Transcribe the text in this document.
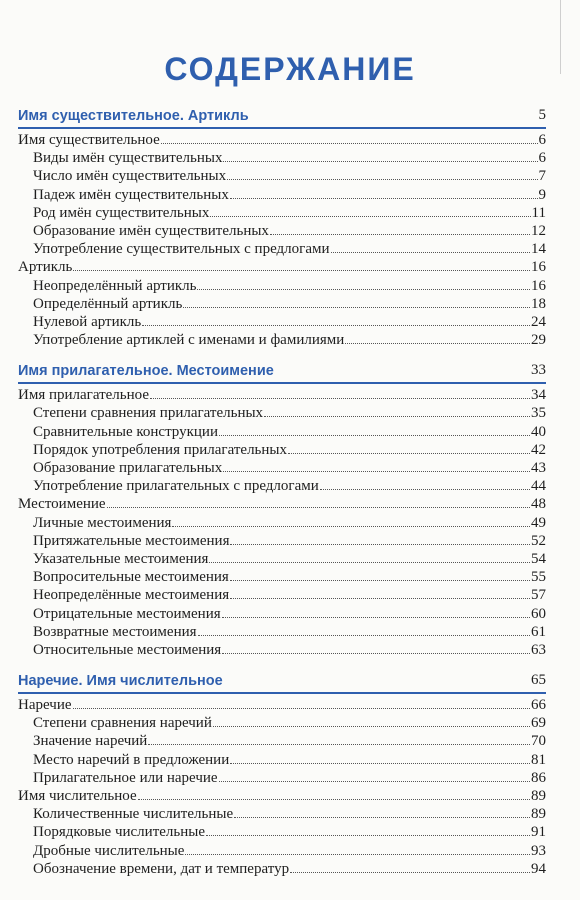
СОДЕРЖАНИЕ
Имя существительное. Артикль	5
Имя существительное	6
Виды имён существительных	6
Число имён существительных	7
Падеж имён существительных	9
Род имён существительных	11
Образование имён существительных	12
Употребление существительных с предлогами	14
Артикль	16
Неопределённый артикль	16
Определённый артикль	18
Нулевой артикль	24
Употребление артиклей с именами и фамилиями	29
Имя прилагательное. Местоимение	33
Имя прилагательное	34
Степени сравнения прилагательных	35
Сравнительные конструкции	40
Порядок употребления прилагательных	42
Образование прилагательных	43
Употребление прилагательных с предлогами	44
Местоимение	48
Личные местоимения	49
Притяжательные местоимения	52
Указательные местоимения	54
Вопросительные местоимения	55
Неопределённые местоимения	57
Отрицательные местоимения	60
Возвратные местоимения	61
Относительные местоимения	63
Наречие. Имя числительное	65
Наречие	66
Степени сравнения наречий	69
Значение наречий	70
Место наречий в предложении	81
Прилагательное или наречие	86
Имя числительное	89
Количественные числительные	89
Порядковые числительные	91
Дробные числительные	93
Обозначение времени, дат и температур	94
